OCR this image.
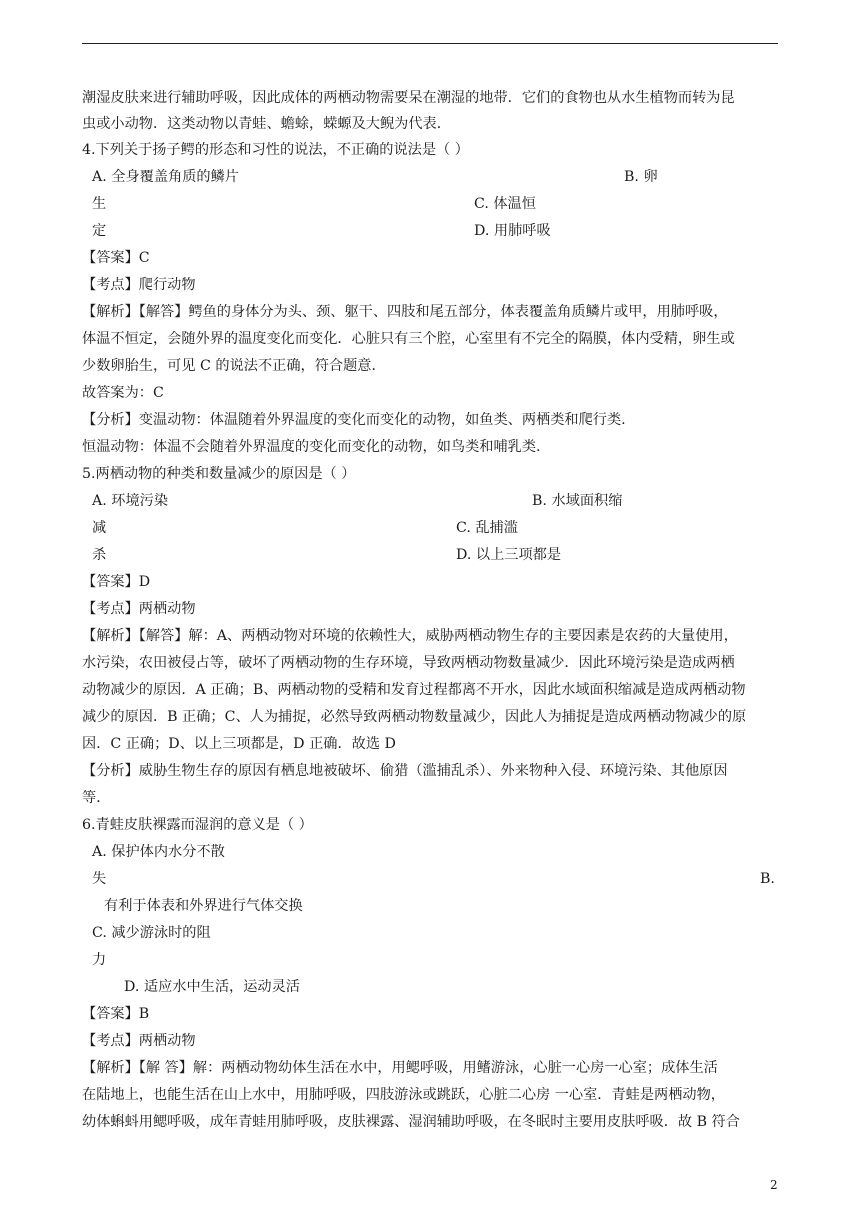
潮湿皮肤来进行辅助呼吸，因此成体的两栖动物需要呆在潮湿的地带．它们的食物也从水生植物而转为昆
虫或小动物．这类动物以青蛙、蟾蜍，蝾螈及大鲵为代表．
4.下列关于扬子鳄的形态和习性的说法，不正确的说法是（ ）
A. 全身覆盖角质的鳞片	B. 卵
生	C. 体温恒
定	D. 用肺呼吸
【答案】C
【考点】爬行动物
【解析】【解答】鳄鱼的身体分为头、颈、躯干、四肢和尾五部分，体表覆盖角质鳞片或甲，用肺呼吸，
体温不恒定，会随外界的温度变化而变化．心脏只有三个腔，心室里有不完全的隔膜，体内受精，卵生或
少数卵胎生，可见 C 的说法不正确，符合题意．
故答案为：C
【分析】变温动物：体温随着外界温度的变化而变化的动物，如鱼类、两栖类和爬行类.
恒温动物：体温不会随着外界温度的变化而变化的动物，如鸟类和哺乳类.
5.两栖动物的种类和数量减少的原因是（ ）
A. 环境污染	B. 水域面积缩
减	C. 乱捕滥
杀	D. 以上三项都是
【答案】D
【考点】两栖动物
【解析】【解答】解：A、两栖动物对环境的依赖性大，威胁两栖动物生存的主要因素是农药的大量使用，
水污染，农田被侵占等，破坏了两栖动物的生存环境，导致两栖动物数量减少．因此环境污染是造成两栖
动物减少的原因．A 正确；B、两栖动物的受精和发育过程都离不开水，因此水域面积缩减是造成两栖动物
减少的原因．B 正确；C、人为捕捉，必然导致两栖动物数量减少，因此人为捕捉是造成两栖动物减少的原
因．C 正确；D、以上三项都是，D 正确．故选 D
【分析】威胁生物生存的原因有栖息地被破坏、偷猎（滥捕乱杀）、外来物种入侵、环境污染、其他原因
等．
6.青蛙皮肤裸露而湿润的意义是（ ）
A. 保护体内水分不散
失	B.
有利于体表和外界进行气体交换
C. 减少游泳时的阻
力
D. 适应水中生活，运动灵活
【答案】B
【考点】两栖动物
【解析】【解 答】解：两栖动物幼体生活在水中，用鳃呼吸，用鳍游泳，心脏一心房一心室；成体生活
在陆地上，也能生活在山上水中，用肺呼吸，四肢游泳或跳跃，心脏二心房 一心室．青蛙是两栖动物，
幼体蝌蚪用鳃呼吸，成年青蛙用肺呼吸，皮肤裸露、湿润辅助呼吸，在冬眠时主要用皮肤呼吸．故 B 符合
2
